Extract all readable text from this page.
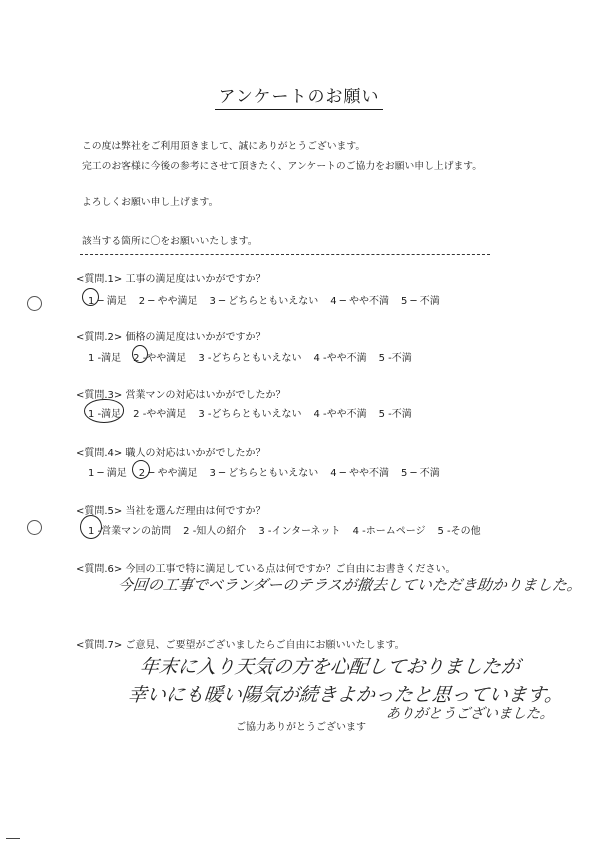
アンケートのお願い
この度は弊社をご利用頂きまして、誠にありがとうございます。
完工のお客様に今後の参考にさせて頂きたく、アンケートのご協力をお願い申し上げます。
よろしくお願い申し上げます。
該当する箇所に〇をお願いいたします。
<質問.1> 工事の満足度はいかがですか？
1 ─ 満足 2 ─ やや満足 3 ─ どちらともいえない 4 ─ やや不満 5 ─ 不満
<質問.2> 価格の満足度はいかがですか？
1 -満足 2 -やや満足 3 -どちらともいえない 4 -やや不満 5 -不満
<質問.3> 営業マンの対応はいかがでしたか？
1 -満足 2 -やや満足 3 -どちらともいえない 4 -やや不満 5 -不満
<質問.4> 職人の対応はいかがでしたか？
1 ─ 満足 2 ─ やや満足 3 ─ どちらともいえない 4 ─ やや不満 5 ─ 不満
<質問.5> 当社を選んだ理由は何ですか？
1 -営業マンの訪問 2 -知人の紹介 3 -インターネット 4 -ホームページ 5 -その他
<質問.6> 今回の工事で特に満足している点は何ですか？ご自由にお書きください。
今回の工事でベランダーのテラスが撤去していただき助かりました。
<質問.7> ご意見、ご要望がございましたらご自由にお願いいたします。
年末に入り天気の方を心配しておりましたが
幸いにも暖い陽気が続きよかったと思っています。
ご協力ありがとうございます
ありがとうございました。
